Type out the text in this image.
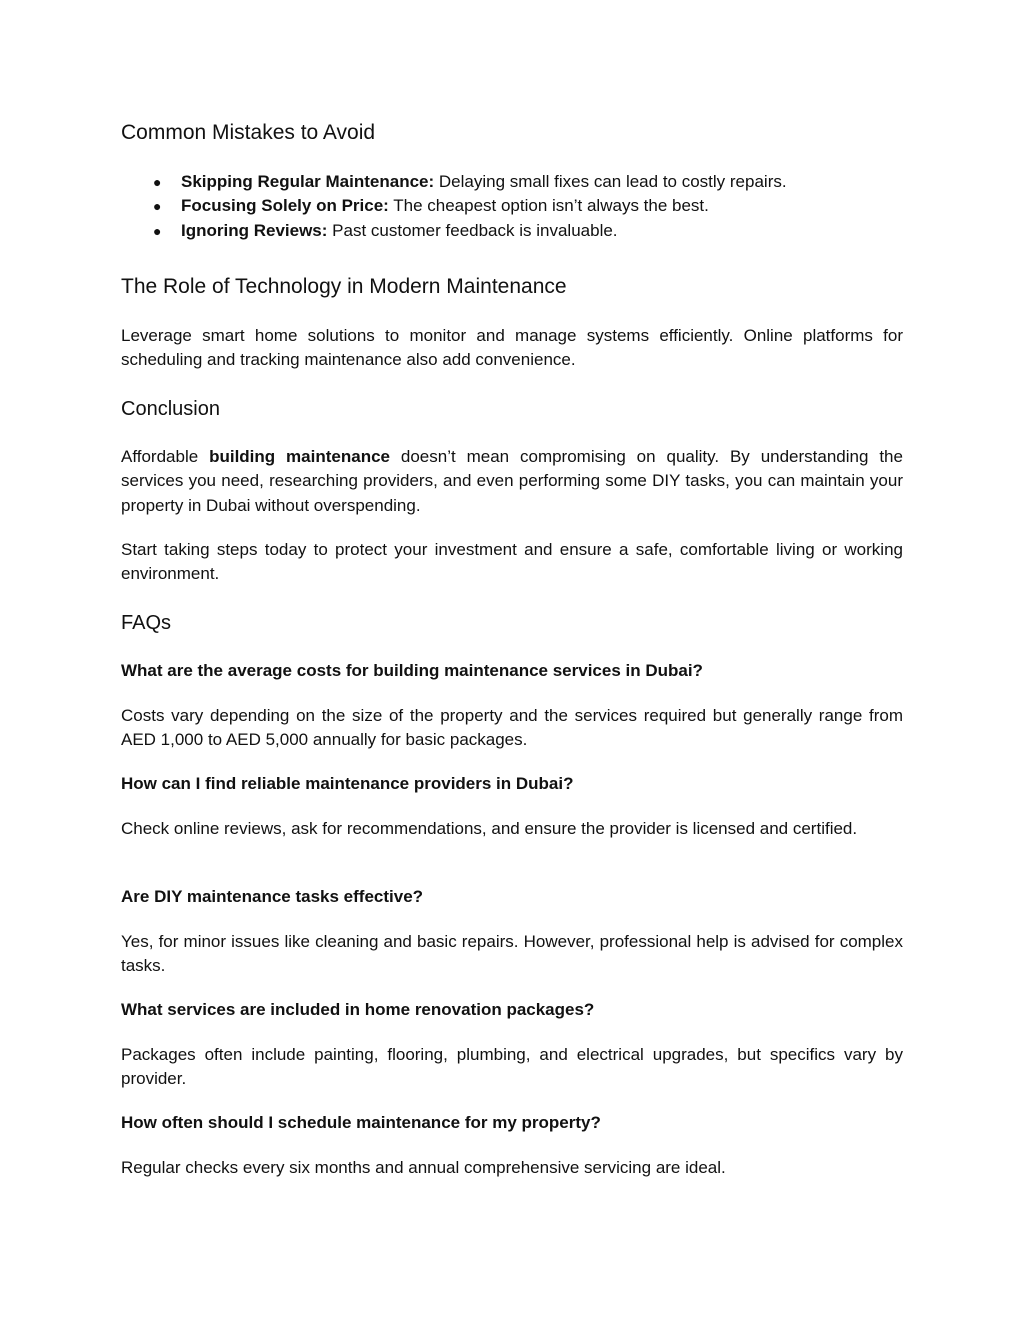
Common Mistakes to Avoid
● Skipping Regular Maintenance: Delaying small fixes can lead to costly repairs.
● Focusing Solely on Price: The cheapest option isn’t always the best.
● Ignoring Reviews: Past customer feedback is invaluable.
The Role of Technology in Modern Maintenance

Leverage smart home solutions to monitor and manage systems efficiently. Online platforms for scheduling and tracking maintenance also add convenience.

Conclusion

Affordable building maintenance doesn’t mean compromising on quality. By understanding the services you need, researching providers, and even performing some DIY tasks, you can maintain your property in Dubai without overspending.

Start taking steps today to protect your investment and ensure a safe, comfortable living or working environment.

FAQs

What are the average costs for building maintenance services in Dubai?

Costs vary depending on the size of the property and the services required but generally range from AED 1,000 to AED 5,000 annually for basic packages.

How can I find reliable maintenance providers in Dubai?

Check online reviews, ask for recommendations, and ensure the provider is licensed and certified.

Are DIY maintenance tasks effective?

Yes, for minor issues like cleaning and basic repairs. However, professional help is advised for complex tasks.

What services are included in home renovation packages?

Packages often include painting, flooring, plumbing, and electrical upgrades, but specifics vary by provider.

How often should I schedule maintenance for my property?

Regular checks every six months and annual comprehensive servicing are ideal.
